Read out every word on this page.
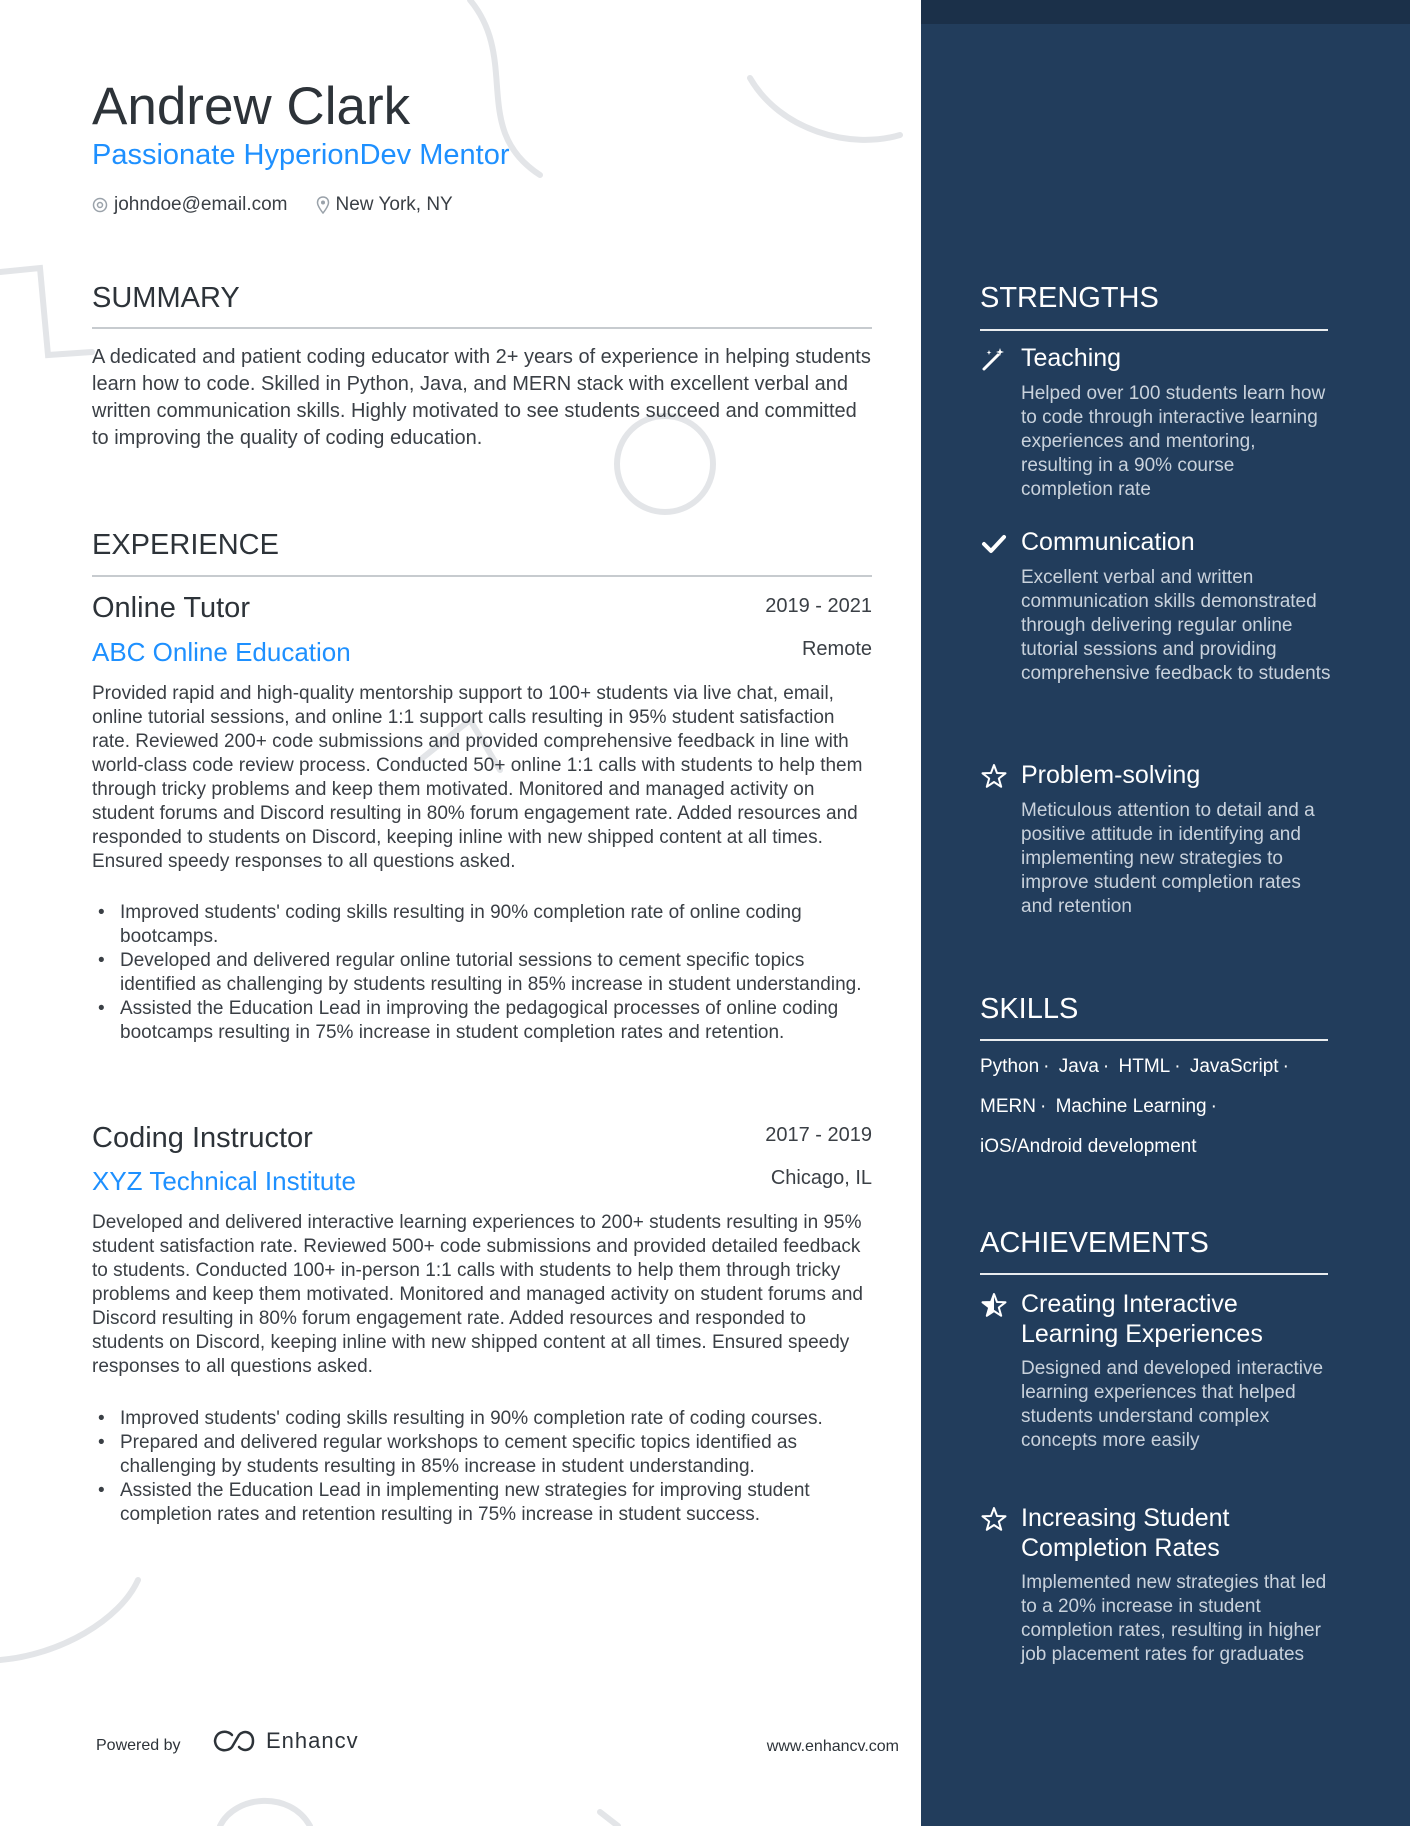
STRENGTHS
Teaching

Helped over 100 students learn how to code through interactive learning experiences and mentoring, resulting in a 90% course completion rate

Communication

Excellent verbal and written communication skills demonstrated through delivering regular online tutorial sessions and providing comprehensive feedback to students

Problem-solving

Meticulous attention to detail and a positive attitude in identifying and implementing new strategies to improve student completion rates and retention

SKILLS
Python · Java · HTML · JavaScript ·
MERN · Machine Learning ·
iOS/Android development
ACHIEVEMENTS
Creating Interactive Learning Experiences

Designed and developed interactive learning experiences that helped students understand complex concepts more easily

Increasing Student Completion Rates

Implemented new strategies that led to a 20% increase in student completion rates, resulting in higher job placement rates for graduates

Andrew Clark
Passionate HyperionDev Mentor
johndoe@email.com	New York, NY
SUMMARY

A dedicated and patient coding educator with 2+ years of experience in helping students learn how to code. Skilled in Python, Java, and MERN stack with excellent verbal and written communication skills. Highly motivated to see students succeed and committed to improving the quality of coding education.

EXPERIENCE
Online Tutor	2019 - 2021
ABC Online Education	Remote

Provided rapid and high-quality mentorship support to 100+ students via live chat, email, online tutorial sessions, and online 1:1 support calls resulting in 95% student satisfaction rate. Reviewed 200+ code submissions and provided comprehensive feedback in line with world-class code review process. Conducted 50+ online 1:1 calls with students to help them through tricky problems and keep them motivated. Monitored and managed activity on student forums and Discord resulting in 80% forum engagement rate. Added resources and responded to students on Discord, keeping inline with new shipped content at all times. Ensured speedy responses to all questions asked.

• Improved students' coding skills resulting in 90% completion rate of online coding bootcamps.
• Developed and delivered regular online tutorial sessions to cement specific topics identified as challenging by students resulting in 85% increase in student understanding.
• Assisted the Education Lead in improving the pedagogical processes of online coding bootcamps resulting in 75% increase in student completion rates and retention.
Coding Instructor	2017 - 2019
XYZ Technical Institute	Chicago, IL

Developed and delivered interactive learning experiences to 200+ students resulting in 95% student satisfaction rate. Reviewed 500+ code submissions and provided detailed feedback to students. Conducted 100+ in-person 1:1 calls with students to help them through tricky problems and keep them motivated. Monitored and managed activity on student forums and Discord resulting in 80% forum engagement rate. Added resources and responded to students on Discord, keeping inline with new shipped content at all times. Ensured speedy responses to all questions asked.

• Improved students' coding skills resulting in 90% completion rate of coding courses.
• Prepared and delivered regular workshops to cement specific topics identified as challenging by students resulting in 85% increase in student understanding.
• Assisted the Education Lead in implementing new strategies for improving student completion rates and retention resulting in 75% increase in student success.
Powered by	Enhancv	www.enhancv.com
